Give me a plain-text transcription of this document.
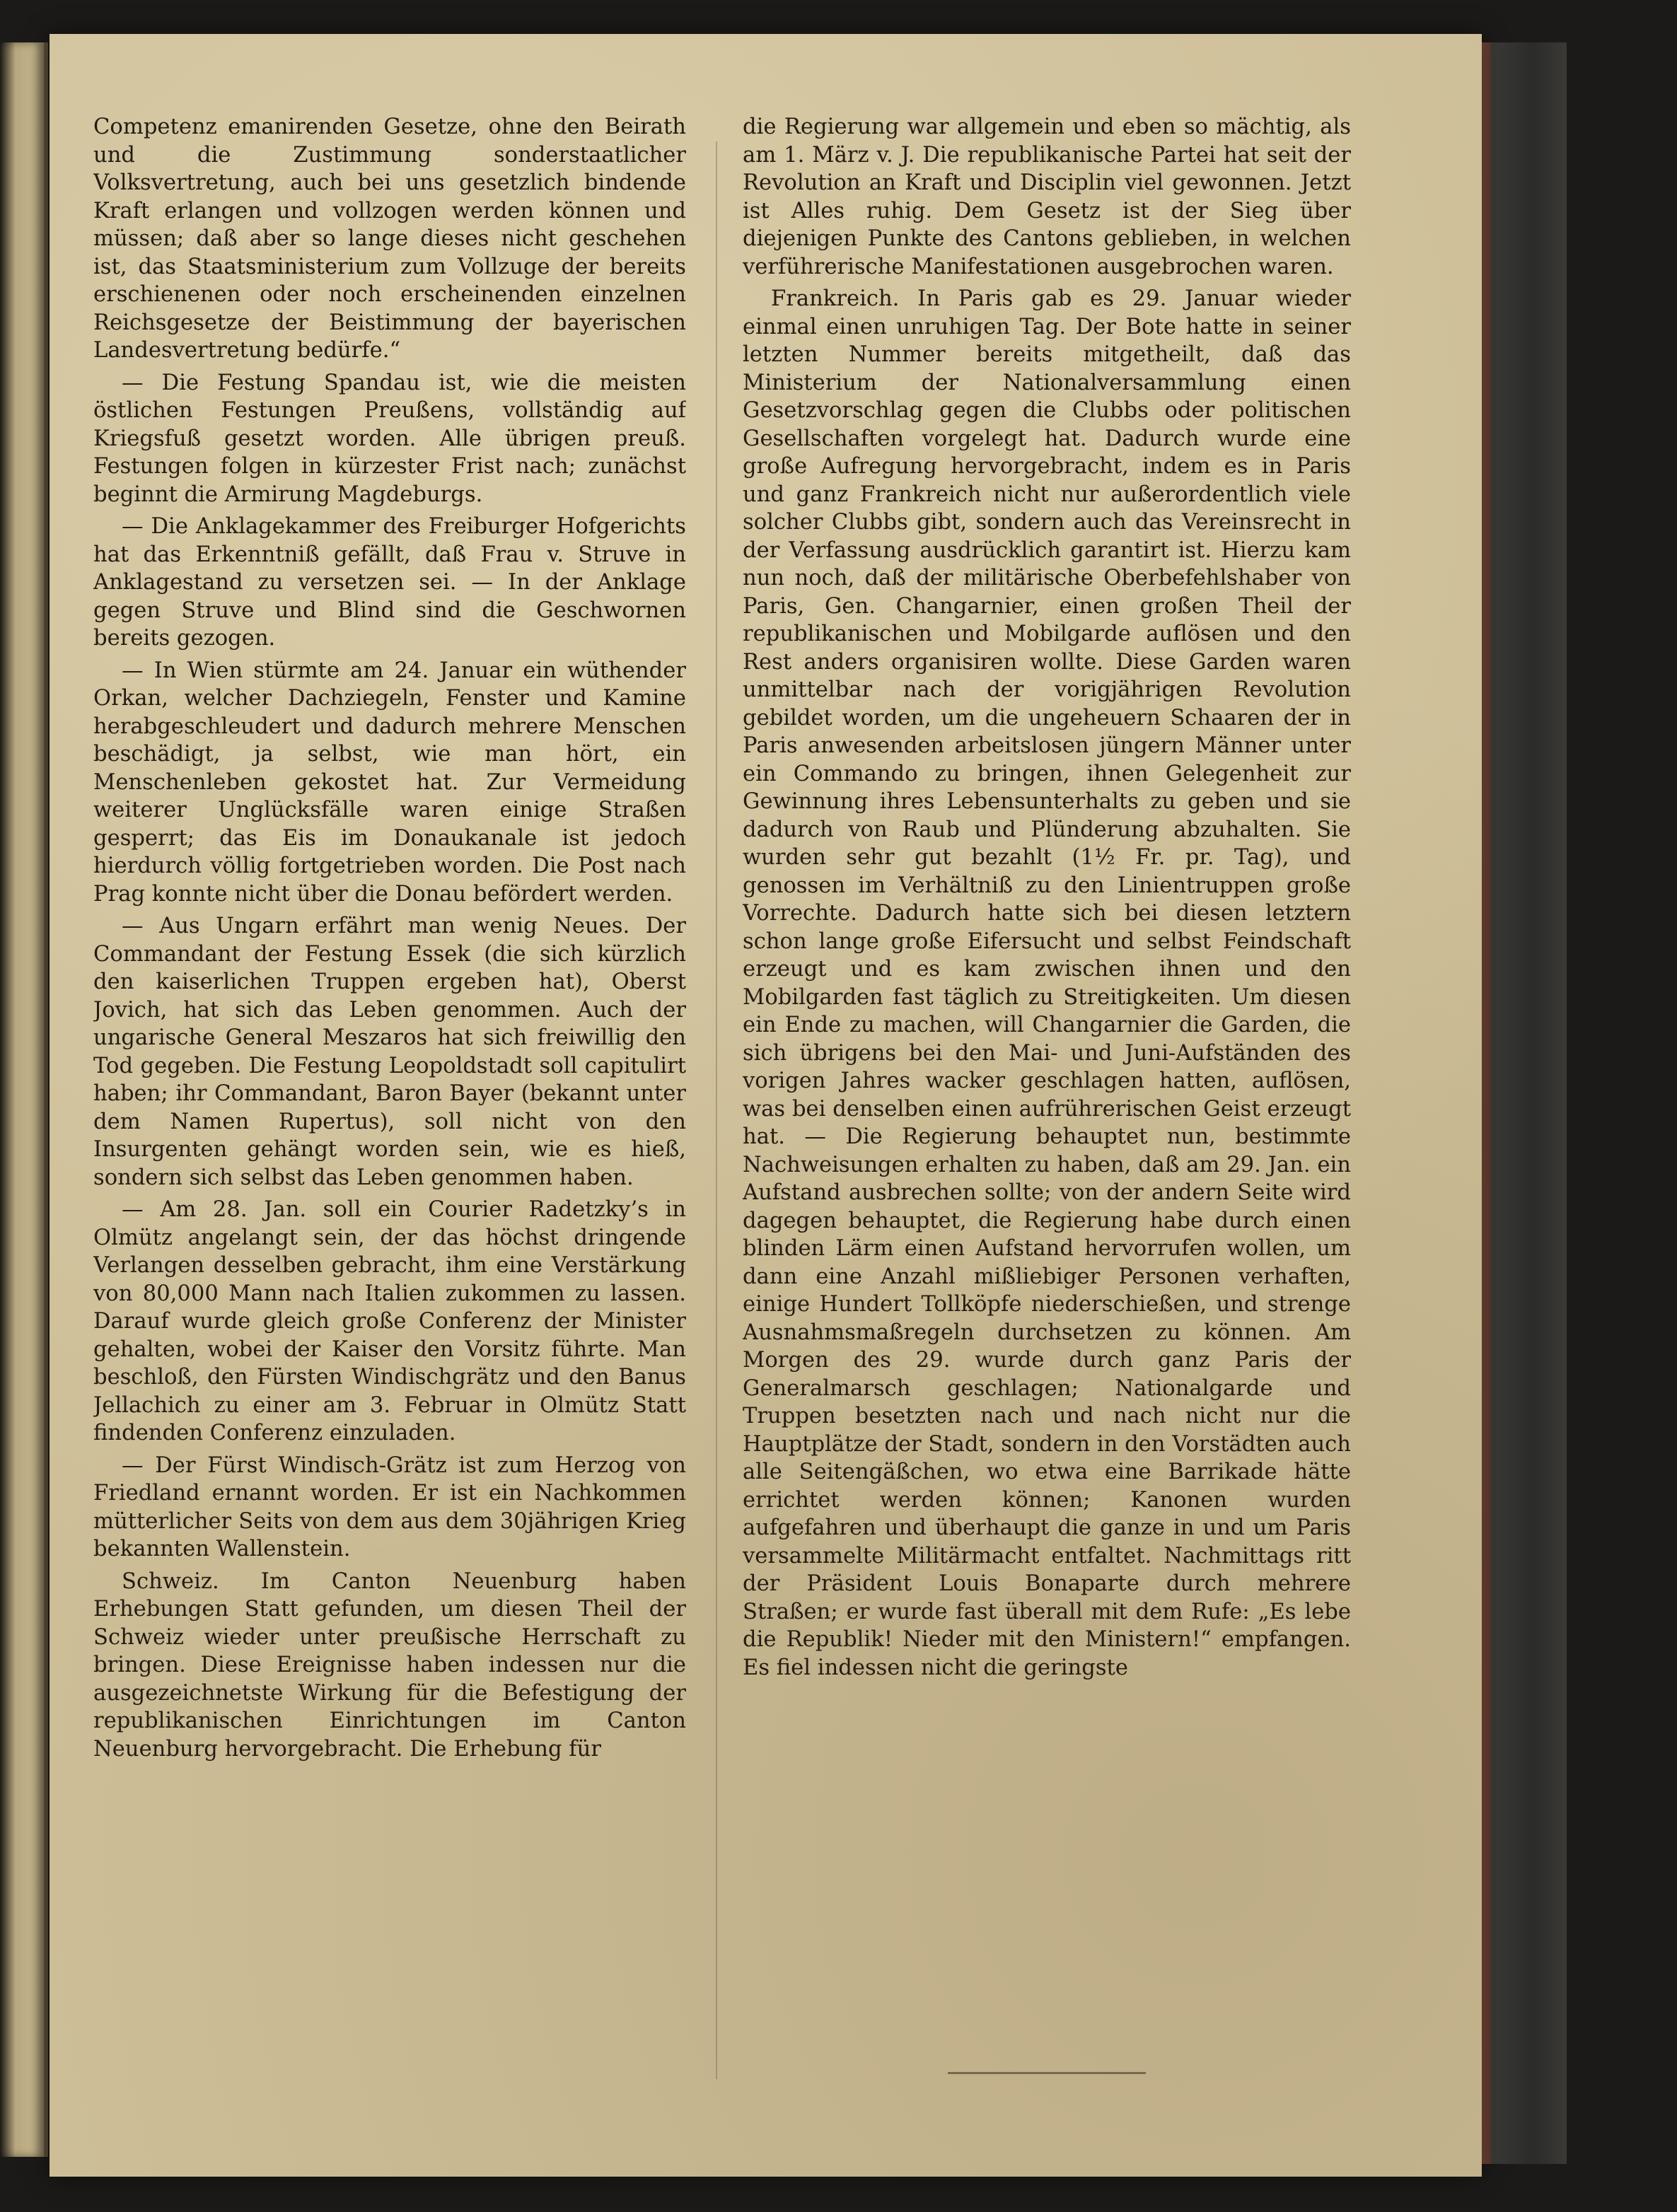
Competenz emanirenden Gesetze, ohne den Beirath und die Zustimmung sonderstaatlicher Volksvertretung, auch bei uns gesetzlich bindende Kraft erlangen und vollzogen werden können und müssen; daß aber so lange dieses nicht geschehen ist, das Staatsministerium zum Vollzuge der bereits erschienenen oder noch erscheinenden einzelnen Reichsgesetze der Beistimmung der bayerischen Landesvertretung bedürfe.“

— Die Festung Spandau ist, wie die meisten östlichen Festungen Preußens, vollständig auf Kriegsfuß gesetzt worden. Alle übrigen preuß. Festungen folgen in kürzester Frist nach; zunächst beginnt die Armirung Magdeburgs.

— Die Anklagekammer des Freiburger Hofgerichts hat das Erkenntniß gefällt, daß Frau v. Struve in Anklagestand zu versetzen sei. — In der Anklage gegen Struve und Blind sind die Geschwornen bereits gezogen.

— In Wien stürmte am 24. Januar ein wüthender Orkan, welcher Dachziegeln, Fenster und Kamine herabgeschleudert und dadurch mehrere Menschen beschädigt, ja selbst, wie man hört, ein Menschenleben gekostet hat. Zur Vermeidung weiterer Unglücksfälle waren einige Straßen gesperrt; das Eis im Donaukanale ist jedoch hierdurch völlig fortgetrieben worden. Die Post nach Prag konnte nicht über die Donau befördert werden.

— Aus Ungarn erfährt man wenig Neues. Der Commandant der Festung Essek (die sich kürzlich den kaiserlichen Truppen ergeben hat), Oberst Jovich, hat sich das Leben genommen. Auch der ungarische General Meszaros hat sich freiwillig den Tod gegeben. Die Festung Leopoldstadt soll capitulirt haben; ihr Commandant, Baron Bayer (bekannt unter dem Namen Rupertus), soll nicht von den Insurgenten gehängt worden sein, wie es hieß, sondern sich selbst das Leben genommen haben.

— Am 28. Jan. soll ein Courier Radetzky’s in Olmütz angelangt sein, der das höchst dringende Verlangen desselben gebracht, ihm eine Verstärkung von 80,000 Mann nach Italien zukommen zu lassen. Darauf wurde gleich große Conferenz der Minister gehalten, wobei der Kaiser den Vorsitz führte. Man beschloß, den Fürsten Windischgrätz und den Banus Jellachich zu einer am 3. Februar in Olmütz Statt findenden Conferenz einzuladen.

— Der Fürst Windisch-Grätz ist zum Herzog von Friedland ernannt worden. Er ist ein Nachkommen mütterlicher Seits von dem aus dem 30jährigen Krieg bekannten Wallenstein.

Schweiz. Im Canton Neuenburg haben Erhebungen Statt gefunden, um diesen Theil der Schweiz wieder unter preußische Herrschaft zu bringen. Diese Ereignisse haben indessen nur die ausgezeichnetste Wirkung für die Befestigung der republikanischen Einrichtungen im Canton Neuenburg hervorgebracht. Die Erhebung für

die Regierung war allgemein und eben so mächtig, als am 1. März v. J. Die republikanische Partei hat seit der Revolution an Kraft und Disciplin viel gewonnen. Jetzt ist Alles ruhig. Dem Gesetz ist der Sieg über diejenigen Punkte des Cantons geblieben, in welchen verführerische Manifestationen ausgebrochen waren.

Frankreich. In Paris gab es 29. Januar wieder einmal einen unruhigen Tag. Der Bote hatte in seiner letzten Nummer bereits mitgetheilt, daß das Ministerium der Nationalversammlung einen Gesetzvorschlag gegen die Clubbs oder politischen Gesellschaften vorgelegt hat. Dadurch wurde eine große Aufregung hervorgebracht, indem es in Paris und ganz Frankreich nicht nur außerordentlich viele solcher Clubbs gibt, sondern auch das Vereinsrecht in der Verfassung ausdrücklich garantirt ist. Hierzu kam nun noch, daß der militärische Oberbefehlshaber von Paris, Gen. Changarnier, einen großen Theil der republikanischen und Mobilgarde auflösen und den Rest anders organisiren wollte. Diese Garden waren unmittelbar nach der vorigjährigen Revolution gebildet worden, um die ungeheuern Schaaren der in Paris anwesenden arbeitslosen jüngern Männer unter ein Commando zu bringen, ihnen Gelegenheit zur Gewinnung ihres Lebensunterhalts zu geben und sie dadurch von Raub und Plünderung abzuhalten. Sie wurden sehr gut bezahlt (1½ Fr. pr. Tag), und genossen im Verhältniß zu den Linientruppen große Vorrechte. Dadurch hatte sich bei diesen letztern schon lange große Eifersucht und selbst Feindschaft erzeugt und es kam zwischen ihnen und den Mobilgarden fast täglich zu Streitigkeiten. Um diesen ein Ende zu machen, will Changarnier die Garden, die sich übrigens bei den Mai- und Juni-Aufständen des vorigen Jahres wacker geschlagen hatten, auflösen, was bei denselben einen aufrührerischen Geist erzeugt hat. — Die Regierung behauptet nun, bestimmte Nachweisungen erhalten zu haben, daß am 29. Jan. ein Aufstand ausbrechen sollte; von der andern Seite wird dagegen behauptet, die Regierung habe durch einen blinden Lärm einen Aufstand hervorrufen wollen, um dann eine Anzahl mißliebiger Personen verhaften, einige Hundert Tollköpfe niederschießen, und strenge Ausnahmsmaßregeln durchsetzen zu können. Am Morgen des 29. wurde durch ganz Paris der Generalmarsch geschlagen; Nationalgarde und Truppen besetzten nach und nach nicht nur die Hauptplätze der Stadt, sondern in den Vorstädten auch alle Seitengäßchen, wo etwa eine Barrikade hätte errichtet werden können; Kanonen wurden aufgefahren und überhaupt die ganze in und um Paris versammelte Militärmacht entfaltet. Nachmittags ritt der Präsident Louis Bonaparte durch mehrere Straßen; er wurde fast überall mit dem Rufe: „Es lebe die Republik! Nieder mit den Ministern!“ empfangen. Es fiel indessen nicht die geringste
